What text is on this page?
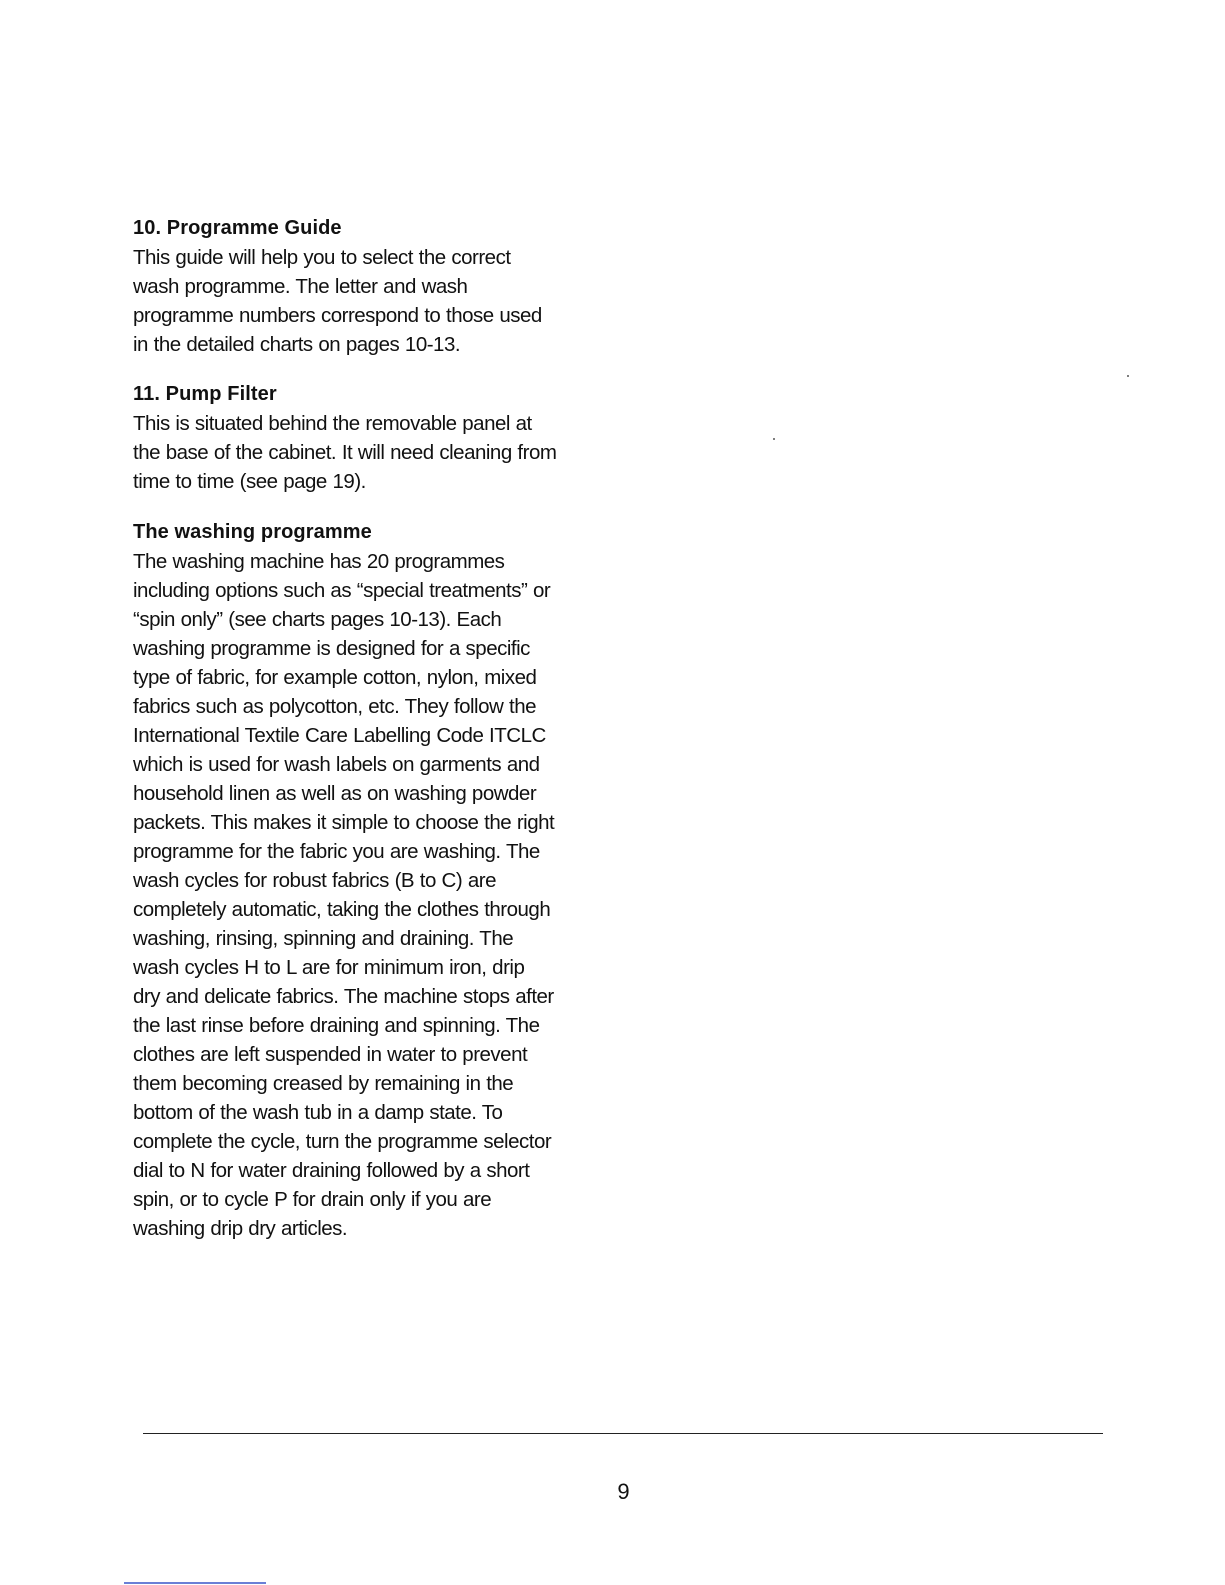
10. Programme Guide
This guide will help you to select the correct
wash programme. The letter and wash
programme numbers correspond to those used
in the detailed charts on pages 10-13.
11. Pump Filter
This is situated behind the removable panel at
the base of the cabinet. It will need cleaning from
time to time (see page 19).
The washing programme
The washing machine has 20 programmes
including options such as “special treatments” or
“spin only” (see charts pages 10-13). Each
washing programme is designed for a specific
type of fabric, for example cotton, nylon, mixed
fabrics such as polycotton, etc. They follow the
International Textile Care Labelling Code ITCLC
which is used for wash labels on garments and
household linen as well as on washing powder
packets. This makes it simple to choose the right
programme for the fabric you are washing. The
wash cycles for robust fabrics (B to C) are
completely automatic, taking the clothes through
washing, rinsing, spinning and draining. The
wash cycles H to L are for minimum iron, drip
dry and delicate fabrics. The machine stops after
the last rinse before draining and spinning. The
clothes are left suspended in water to prevent
them becoming creased by remaining in the
bottom of the wash tub in a damp state. To
complete the cycle, turn the programme selector
dial to N for water draining followed by a short
spin, or to cycle P for drain only if you are
washing drip dry articles.
9
